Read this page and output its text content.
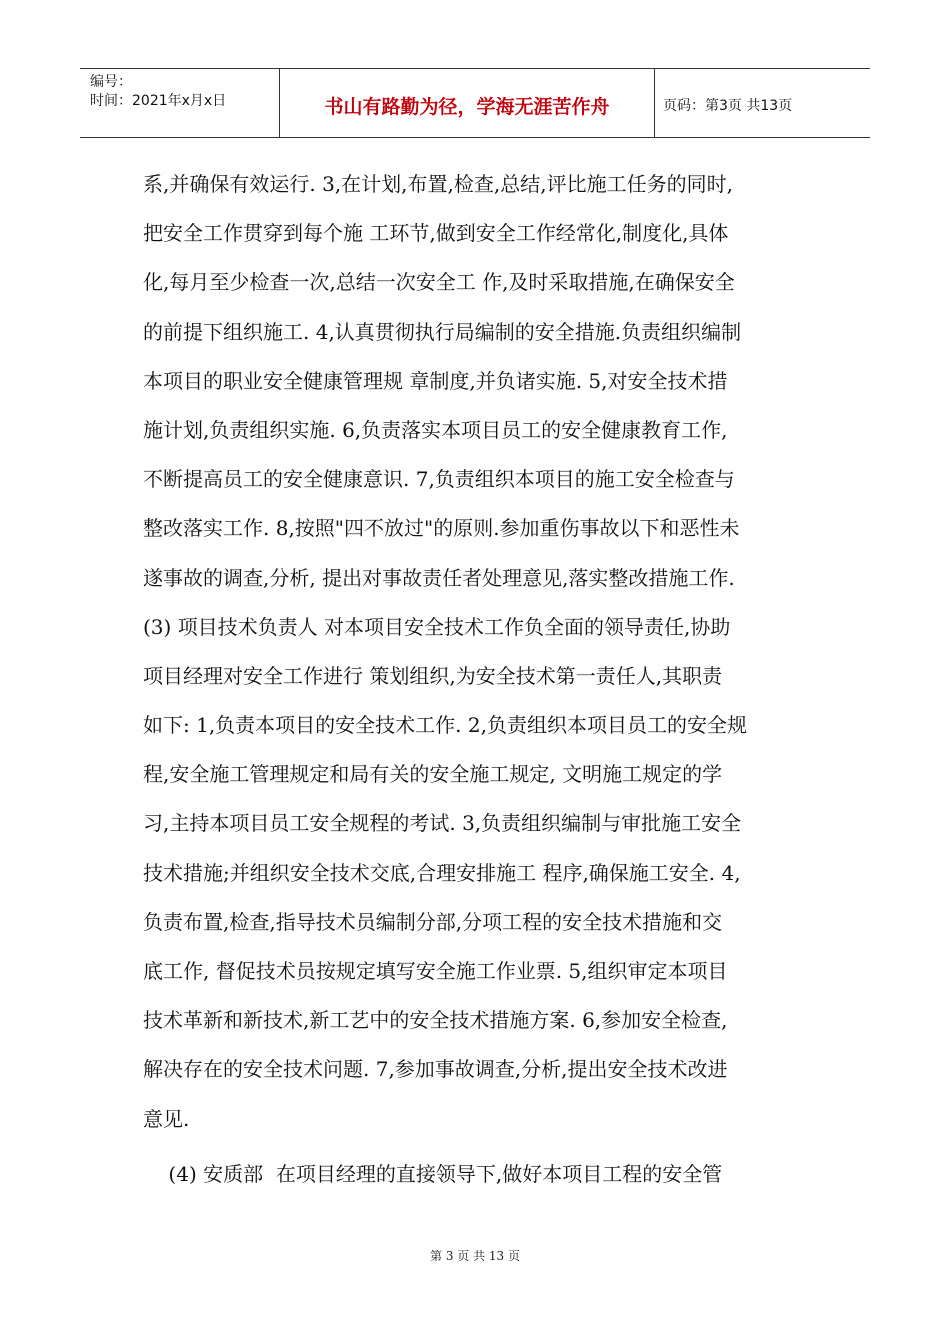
编号：
时间：2021年x月x日	书山有路勤为径，学海无涯苦作舟	页码：第3页 共13页
系,并确保有效运行. 3,在计划,布置,检查,总结,评比施工任务的同时,
把安全工作贯穿到每个施 工环节,做到安全工作经常化,制度化,具体
化,每月至少检查一次,总结一次安全工 作,及时采取措施,在确保安全
的前提下组织施工. 4,认真贯彻执行局编制的安全措施.负责组织编制
本项目的职业安全健康管理规 章制度,并负诸实施. 5,对安全技术措
施计划,负责组织实施. 6,负责落实本项目员工的安全健康教育工作,
不断提高员工的安全健康意识. 7,负责组织本项目的施工安全检查与
整改落实工作. 8,按照"四不放过"的原则.参加重伤事故以下和恶性未
遂事故的调查,分析, 提出对事故责任者处理意见,落实整改措施工作.
(3) 项目技术负责人 对本项目安全技术工作负全面的领导责任,协助
项目经理对安全工作进行 策划组织,为安全技术第一责任人,其职责
如下: 1,负责本项目的安全技术工作. 2,负责组织本项目员工的安全规
程,安全施工管理规定和局有关的安全施工规定, 文明施工规定的学
习,主持本项目员工安全规程的考试. 3,负责组织编制与审批施工安全
技术措施;并组织安全技术交底,合理安排施工 程序,确保施工安全. 4,
负责布置,检查,指导技术员编制分部,分项工程的安全技术措施和交
底工作, 督促技术员按规定填写安全施工作业票. 5,组织审定本项目
技术革新和新技术,新工艺中的安全技术措施方案. 6,参加安全检查,
解决存在的安全技术问题. 7,参加事故调查,分析,提出安全技术改进
意见.
(4) 安质部  在项目经理的直接领导下,做好本项目工程的安全管
第 3 页 共 13 页
